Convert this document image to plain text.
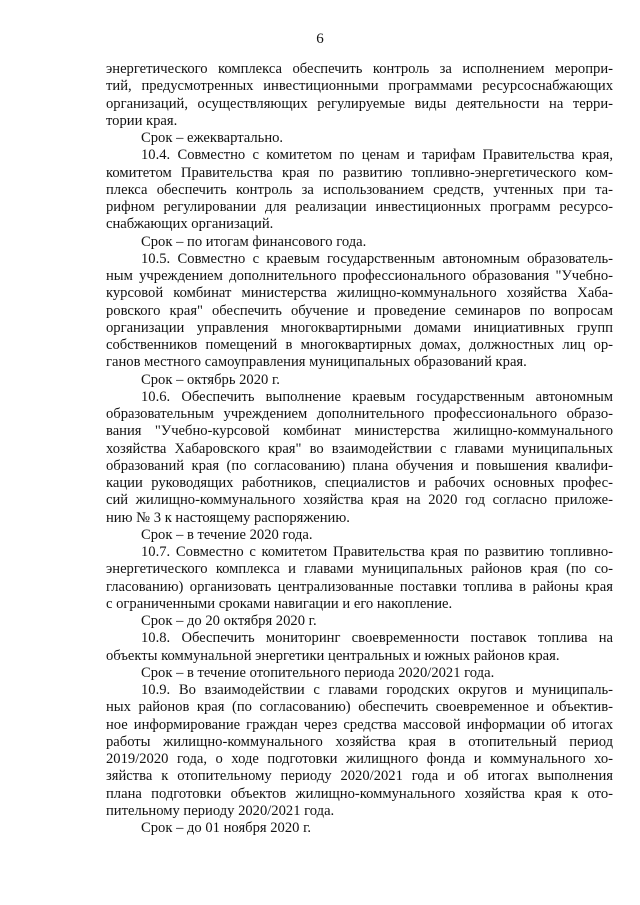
6
энергетического комплекса обеспечить контроль за исполнением меропри-
тий, предусмотренных инвестиционными программами ресурсоснабжающих
организаций, осуществляющих регулируемые виды деятельности на терри-
тории края.
Срок – ежеквартально.
10.4. Совместно с комитетом по ценам и тарифам Правительства края,
комитетом Правительства края по развитию топливно-энергетического ком-
плекса обеспечить контроль за использованием средств, учтенных при та-
рифном регулировании для реализации инвестиционных программ ресурсо-
снабжающих организаций.
Срок – по итогам финансового года.
10.5. Совместно с краевым государственным автономным образователь-
ным учреждением дополнительного профессионального образования "Учебно-
курсовой комбинат министерства жилищно-коммунального хозяйства Хаба-
ровского края" обеспечить обучение и проведение семинаров по вопросам
организации управления многоквартирными домами инициативных групп
собственников помещений в многоквартирных домах, должностных лиц ор-
ганов местного самоуправления муниципальных образований края.
Срок – октябрь 2020 г.
10.6. Обеспечить выполнение краевым государственным автономным
образовательным учреждением дополнительного профессионального образо-
вания "Учебно-курсовой комбинат министерства жилищно-коммунального
хозяйства Хабаровского края" во взаимодействии с главами муниципальных
образований края (по согласованию) плана обучения и повышения квалифи-
кации руководящих работников, специалистов и рабочих основных профес-
сий жилищно-коммунального хозяйства края на 2020 год согласно приложе-
нию № 3 к настоящему распоряжению.
Срок – в течение 2020 года.
10.7. Совместно с комитетом Правительства края по развитию топливно-
энергетического комплекса и главами муниципальных районов края (по со-
гласованию) организовать централизованные поставки топлива в районы края
с ограниченными сроками навигации и его накопление.
Срок – до 20 октября 2020 г.
10.8. Обеспечить мониторинг своевременности поставок топлива на
объекты коммунальной энергетики центральных и южных районов края.
Срок – в течение отопительного периода 2020/2021 года.
10.9. Во взаимодействии с главами городских округов и муниципаль-
ных районов края (по согласованию) обеспечить своевременное и объектив-
ное информирование граждан через средства массовой информации об итогах
работы жилищно-коммунального хозяйства края в отопительный период
2019/2020 года, о ходе подготовки жилищного фонда и коммунального хо-
зяйства к отопительному периоду 2020/2021 года и об итогах выполнения
плана подготовки объектов жилищно-коммунального хозяйства края к ото-
пительному периоду 2020/2021 года.
Срок – до 01 ноября 2020 г.
